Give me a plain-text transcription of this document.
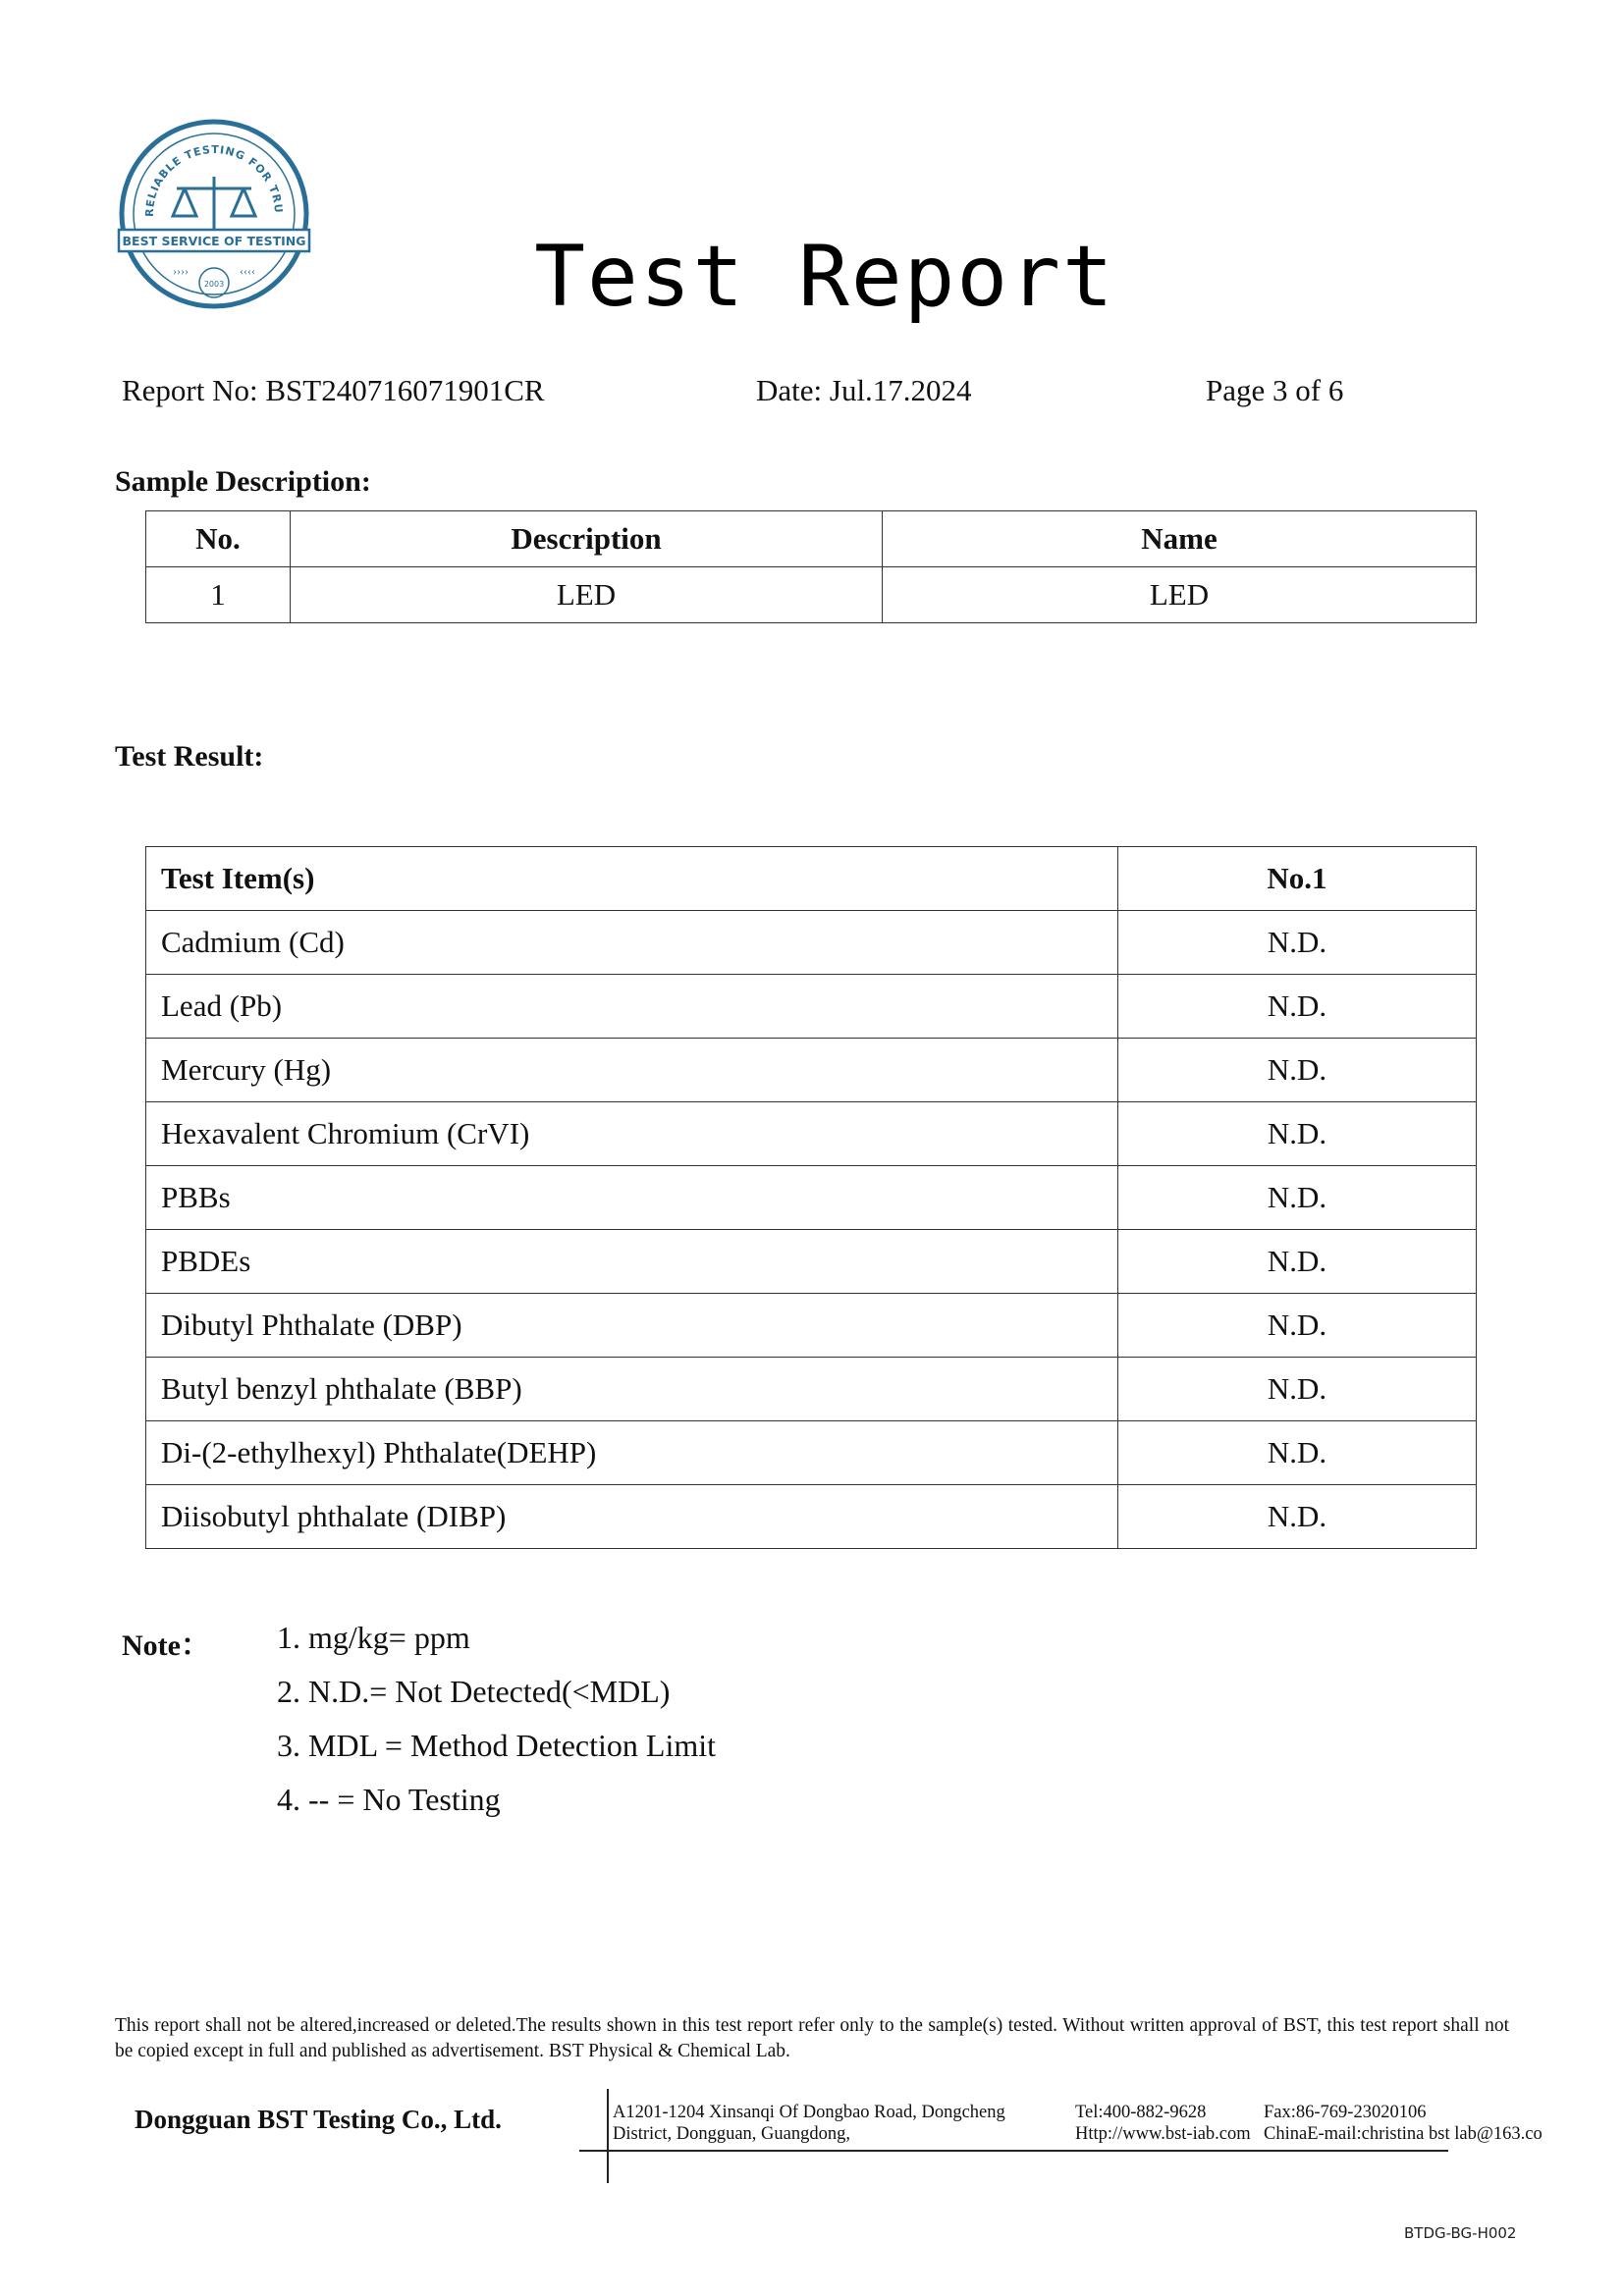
RELIABLE TESTING FOR TRU
BEST SERVICE OF TESTING
››››	‹‹‹‹
2003	Test Report
Report No: BST240716071901CR	Date: Jul.17.2024	Page 3 of 6
Sample Description:
No.	Description	Name
1	LED	LED
Test Result:
Test Item(s)	No.1
Cadmium (Cd)	N.D.
Lead (Pb)	N.D.
Mercury (Hg)	N.D.
Hexavalent Chromium (CrVI)	N.D.
PBBs	N.D.
PBDEs	N.D.
Dibutyl Phthalate (DBP)	N.D.
Butyl benzyl phthalate (BBP)	N.D.
Di-(2-ethylhexyl) Phthalate(DEHP)	N.D.
Diisobutyl phthalate (DIBP)	N.D.
Note： 1. mg/kg= ppm
2. N.D.= Not Detected(<MDL)
3. MDL = Method Detection Limit
4. -- = No Testing
This report shall not be altered,increased or deleted.The results shown in this test report refer only to the sample(s) tested. Without written approval of BST, this test report shall not be copied except in full and published as advertisement. BST Physical & Chemical Lab.
Dongguan BST Testing Co., Ltd.	A1201-1204 Xinsanqi Of Dongbao Road, Dongcheng
District, Dongguan, Guangdong,
Tel:400-882-9628
Http://www.bst-iab.com
Fax:86-769-23020106
ChinaE-mail:christina bst lab@163.co
BTDG-BG-H002
